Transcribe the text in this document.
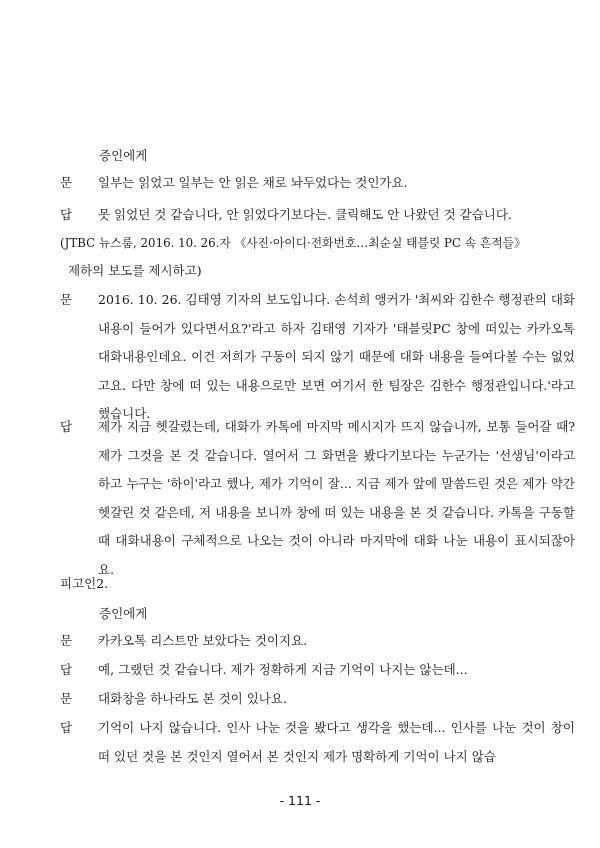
증인에게
문	일부는 읽었고 일부는 안 읽은 채로 놔두었다는 것인가요.
답	못 읽었던 것 같습니다, 안 읽었다기보다는. 클릭해도 안 나왔던 것 같습니다.
(JTBC 뉴스룸, 2016. 10. 26.자 《사진·아이디·전화번호…최순실 태블릿 PC 속 흔적들》
제하의 보도를 제시하고)
문	2016. 10. 26. 김태영 기자의 보도입니다. 손석희 앵커가 '최씨와 김한수 행정관의 대화내용이 들어가 있다면서요?'라고 하자 김태영 기자가 '태블릿PC 창에 떠있는 카카오톡 대화내용인데요. 이건 저희가 구동이 되지 않기 때문에 대화 내용을 들여다볼 수는 없었고요. 다만 창에 떠 있는 내용으로만 보면 여기서 한 팀장은 김한수 행정관입니다.'라고 했습니다.
답	제가 지금 헷갈렸는데, 대화가 카톡에 마지막 메시지가 뜨지 않습니까, 보통 들어갈 때? 제가 그것을 본 것 같습니다. 열어서 그 화면을 봤다기보다는 누군가는 '선생님'이라고 하고 누구는 '하이'라고 했나, 제가 기억이 잘... 지금 제가 앞에 말씀드린 것은 제가 약간 헷갈린 것 같은데, 저 내용을 보니까 창에 떠 있는 내용을 본 것 같습니다. 카톡을 구동할 때 대화내용이 구체적으로 나오는 것이 아니라 마지막에 대화 나눈 내용이 표시되잖아요.
피고인2.
증인에게
문	카카오톡 리스트만 보았다는 것이지요.
답	예, 그랬던 것 같습니다. 제가 정확하게 지금 기억이 나지는 않는데...
문	대화창을 하나라도 본 것이 있나요.
답	기억이 나지 않습니다. 인사 나눈 것을 봤다고 생각을 했는데... 인사를 나눈 것이 창이 떠 있던 것을 본 것인지 열어서 본 것인지 제가 명확하게 기억이 나지 않습
- 111 -
